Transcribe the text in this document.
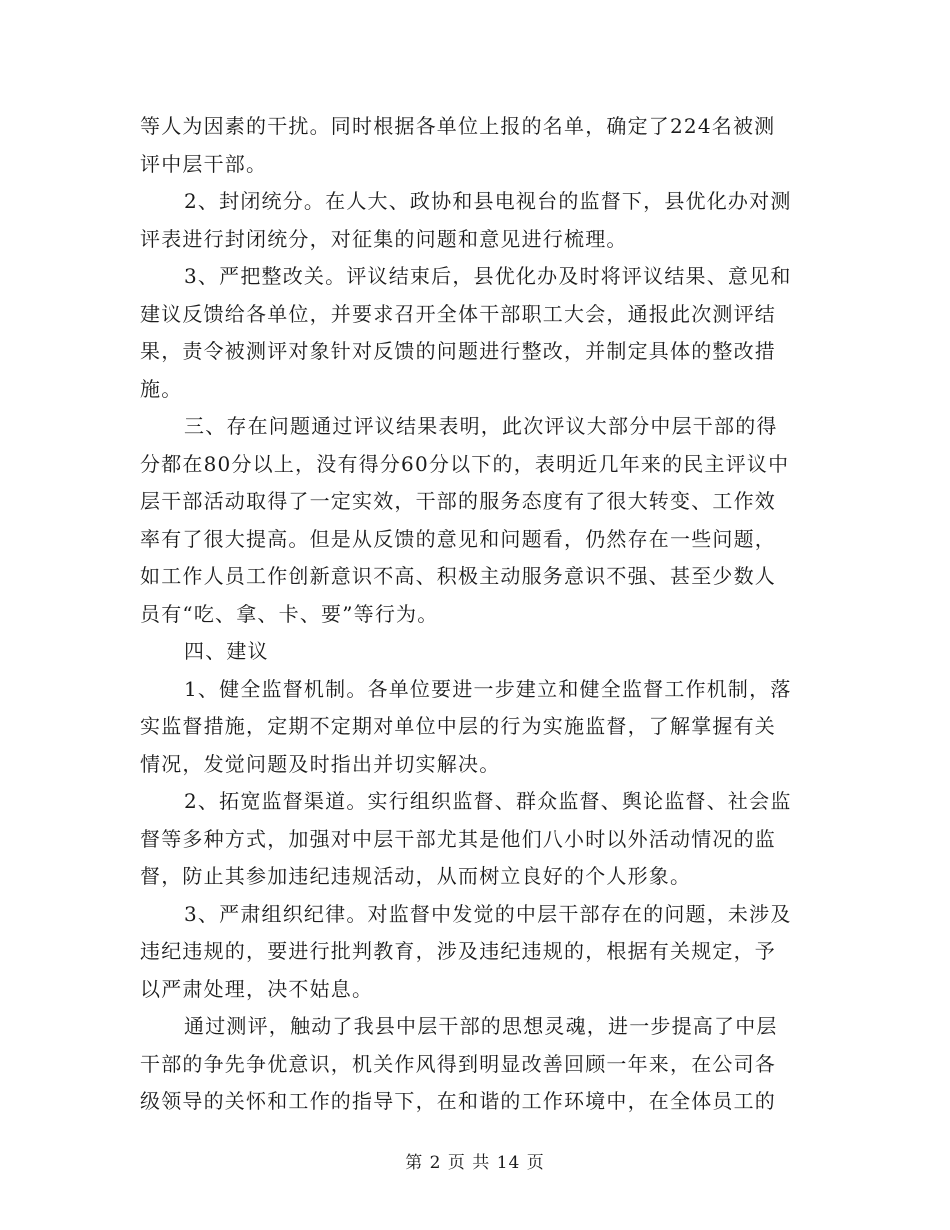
等人为因素的干扰。同时根据各单位上报的名单，确定了224名被测
评中层干部。
2、封闭统分。在人大、政协和县电视台的监督下，县优化办对测
评表进行封闭统分，对征集的问题和意见进行梳理。
3、严把整改关。评议结束后，县优化办及时将评议结果、意见和
建议反馈给各单位，并要求召开全体干部职工大会，通报此次测评结
果，责令被测评对象针对反馈的问题进行整改，并制定具体的整改措
施。
三、存在问题通过评议结果表明，此次评议大部分中层干部的得
分都在80分以上，没有得分60分以下的，表明近几年来的民主评议中
层干部活动取得了一定实效，干部的服务态度有了很大转变、工作效
率有了很大提高。但是从反馈的意见和问题看，仍然存在一些问题，
如工作人员工作创新意识不高、积极主动服务意识不强、甚至少数人
员有“吃、拿、卡、要”等行为。
四、建议
1、健全监督机制。各单位要进一步建立和健全监督工作机制，落
实监督措施，定期不定期对单位中层的行为实施监督，了解掌握有关
情况，发觉问题及时指出并切实解决。
2、拓宽监督渠道。实行组织监督、群众监督、舆论监督、社会监
督等多种方式，加强对中层干部尤其是他们八小时以外活动情况的监
督，防止其参加违纪违规活动，从而树立良好的个人形象。
3、严肃组织纪律。对监督中发觉的中层干部存在的问题，未涉及
违纪违规的，要进行批判教育，涉及违纪违规的，根据有关规定，予
以严肃处理，决不姑息。
通过测评，触动了我县中层干部的思想灵魂，进一步提高了中层
干部的争先争优意识，机关作风得到明显改善回顾一年来，在公司各
级领导的关怀和工作的指导下，在和谐的工作环境中，在全体员工的
第 2 页 共 14 页
